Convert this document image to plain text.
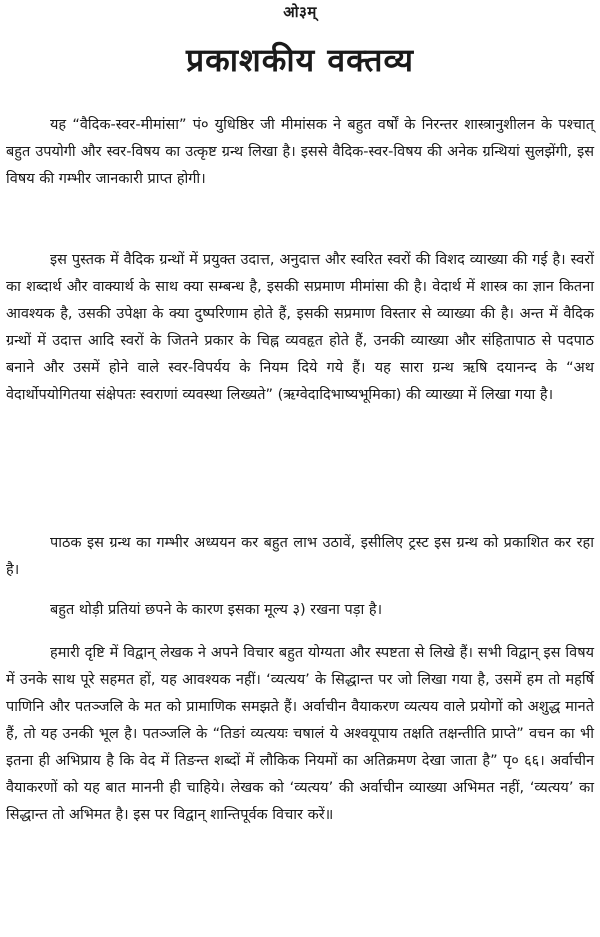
ओ३म्
प्रकाशकीय वक्तव्य

यह “वैदिक-स्वर-मीमांसा” पं० युधिष्ठिर जी मीमांसक ने बहुत वर्षों के निरन्तर शास्त्रानुशीलन के पश्चात् बहुत उपयोगी और स्वर-विषय का उत्कृष्ट ग्रन्थ लिखा है। इससे वैदिक-स्वर-विषय की अनेक ग्रन्थियां सुलझेंगी, इस विषय की गम्भीर जानकारी प्राप्त होगी।

इस पुस्तक में वैदिक ग्रन्थों में प्रयुक्त उदात्त, अनुदात्त और स्वरित स्वरों की विशद व्याख्या की गई है। स्वरों का शब्दार्थ और वाक्यार्थ के साथ क्या सम्बन्ध है, इसकी सप्रमाण मीमांसा की है। वेदार्थ में शास्त्र का ज्ञान कितना आवश्यक है, उसकी उपेक्षा के क्या दुष्परिणाम होते हैं, इसकी सप्रमाण विस्तार से व्याख्या की है। अन्त में वैदिक ग्रन्थों में उदात्त आदि स्वरों के जितने प्रकार के चिह्न व्यवहृत होते हैं, उनकी व्याख्या और संहितापाठ से पदपाठ बनाने और उसमें होने वाले स्वर-विपर्यय के नियम दिये गये हैं। यह सारा ग्रन्थ ऋषि दयानन्द के “अथ वेदार्थोपयोगितया संक्षेपतः स्वराणां व्यवस्था लिख्यते” (ऋग्वेदादिभाष्यभूमिका) की व्याख्या में लिखा गया है।

पाठक इस ग्रन्थ का गम्भीर अध्ययन कर बहुत लाभ उठावें, इसीलिए ट्रस्ट इस ग्रन्थ को प्रकाशित कर रहा है।

बहुत थोड़ी प्रतियां छपने के कारण इसका मूल्य ३) रखना पड़ा है।

हमारी दृष्टि में विद्वान् लेखक ने अपने विचार बहुत योग्यता और स्पष्टता से लिखे हैं। सभी विद्वान् इस विषय में उनके साथ पूरे सहमत हों, यह आवश्यक नहीं। ‘व्यत्यय’ के सिद्धान्त पर जो लिखा गया है, उसमें हम तो महर्षि पाणिनि और पतञ्जलि के मत को प्रामाणिक समझते हैं। अर्वाचीन वैयाकरण व्यत्यय वाले प्रयोगों को अशुद्ध मानते हैं, तो यह उनकी भूल है। पतञ्जलि के “तिङां व्यत्ययः चषालं ये अश्वयूपाय तक्षति तक्षन्तीति प्राप्ते” वचन का भी इतना ही अभिप्राय है कि वेद में तिङन्त शब्दों में लौकिक नियमों का अतिक्रमण देखा जाता है” पृ० ६६। अर्वाचीन वैयाकरणों को यह बात माननी ही चाहिये। लेखक को ‘व्यत्यय’ की अर्वाचीन व्याख्या अभिमत नहीं, ‘व्यत्यय’ का सिद्धान्त तो अभिमत है। इस पर विद्वान् शान्तिपूर्वक विचार करें॥
